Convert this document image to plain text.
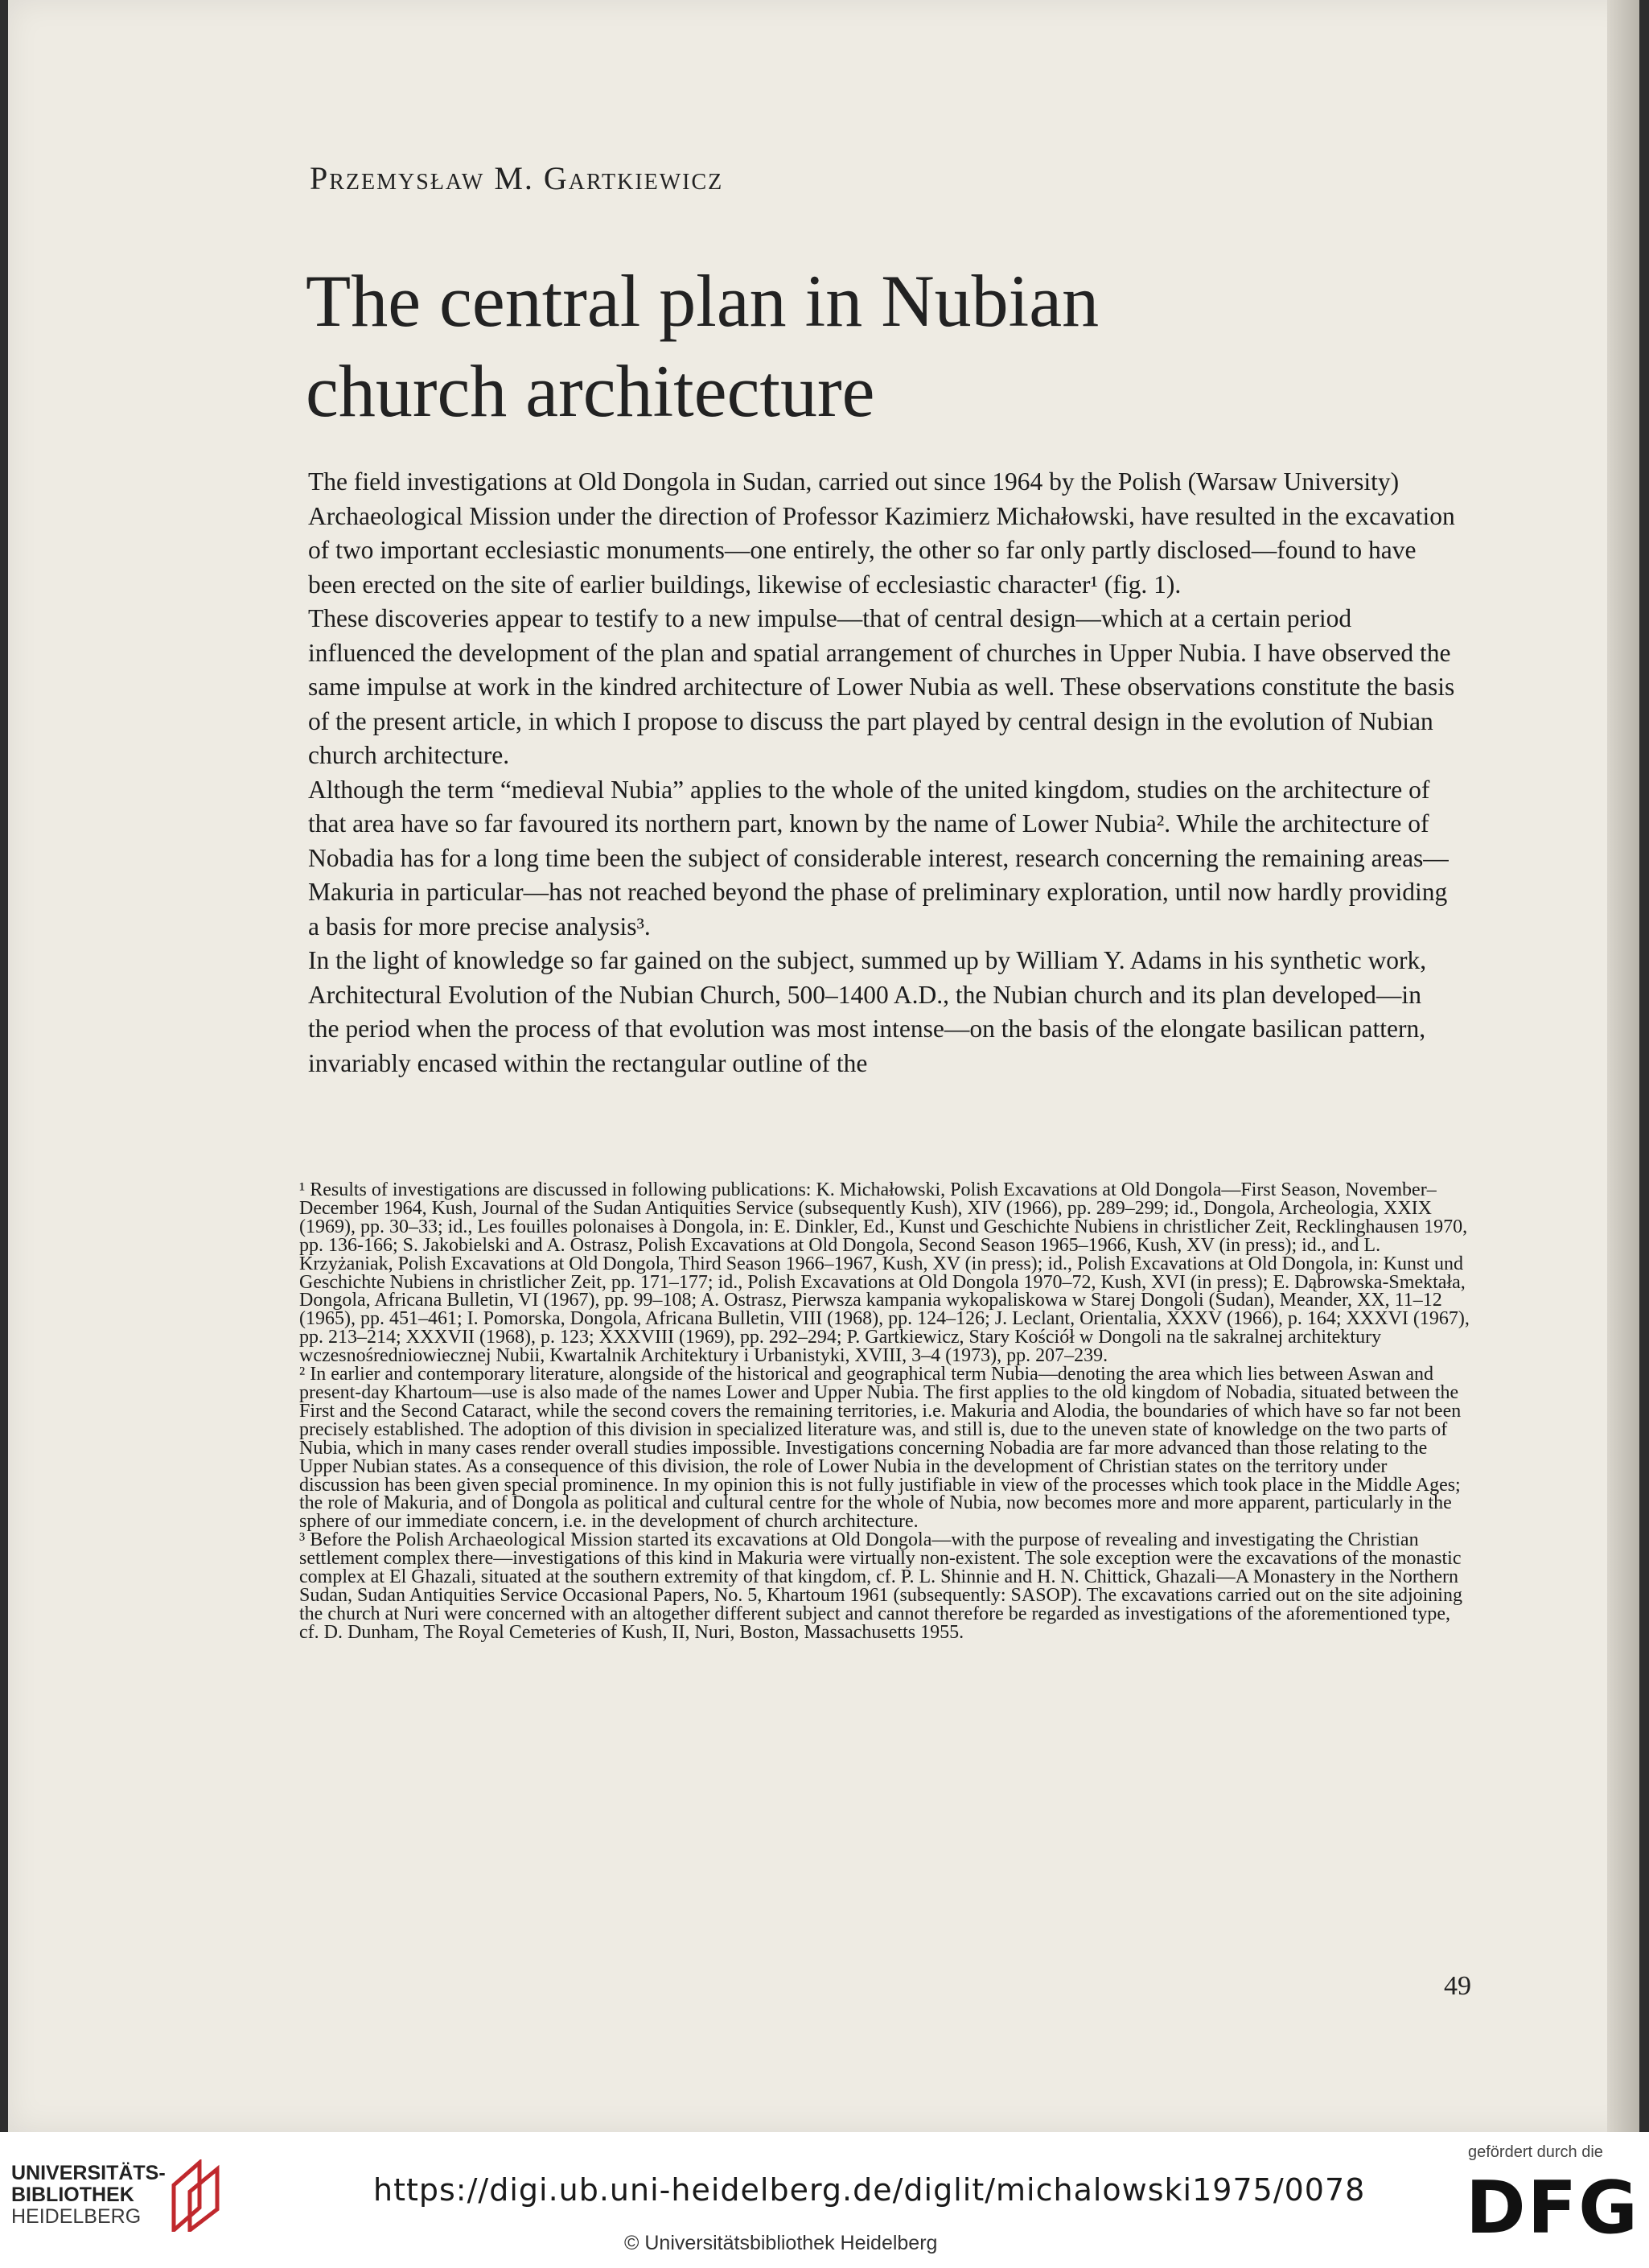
Przemysław M. Gartkiewicz
The central plan in Nubian
church architecture

The field investigations at Old Dongola in Sudan, carried out since 1964 by the Polish (Warsaw University) Archaeological Mission under the direction of Professor Kazimierz Michałowski, have resulted in the excavation of two important ecclesiastic monuments—one entirely, the other so far only partly disclosed—found to have been erected on the site of earlier buildings, likewise of ecclesiastic character¹ (fig. 1).

These discoveries appear to testify to a new impulse—that of central design—which at a certain period influenced the development of the plan and spatial arrangement of churches in Upper Nubia. I have observed the same impulse at work in the kindred architecture of Lower Nubia as well. These observations constitute the basis of the present article, in which I propose to discuss the part played by central design in the evolution of Nubian church architecture.

Although the term “medieval Nubia” applies to the whole of the united kingdom, studies on the architecture of that area have so far favoured its northern part, known by the name of Lower Nubia². While the architecture of Nobadia has for a long time been the subject of considerable interest, research concerning the remaining areas—Makuria in particular—has not reached beyond the phase of preliminary exploration, until now hardly providing a basis for more precise analysis³.

In the light of knowledge so far gained on the subject, summed up by William Y. Adams in his synthetic work, Architectural Evolution of the Nubian Church, 500–1400 A.D., the Nubian church and its plan developed—in the period when the process of that evolution was most intense—on the basis of the elongate basilican pattern, invariably encased within the rectangular outline of the

¹ Results of investigations are discussed in following publications: K. Michałowski, Polish Excavations at Old Dongola—First Season, November–December 1964, Kush, Journal of the Sudan Antiquities Service (subsequently Kush), XIV (1966), pp. 289–299; id., Dongola, Archeologia, XXIX (1969), pp. 30–33; id., Les fouilles polonaises à Dongola, in: E. Dinkler, Ed., Kunst und Geschichte Nubiens in christlicher Zeit, Recklinghausen 1970, pp. 136-166; S. Jakobielski and A. Ostrasz, Polish Excavations at Old Dongola, Second Season 1965–1966, Kush, XV (in press); id., and L. Krzyżaniak, Polish Excavations at Old Dongola, Third Season 1966–1967, Kush, XV (in press); id., Polish Excavations at Old Dongola, in: Kunst und Geschichte Nubiens in christlicher Zeit, pp. 171–177; id., Polish Excavations at Old Dongola 1970–72, Kush, XVI (in press); E. Dąbrowska-Smektała, Dongola, Africana Bulletin, VI (1967), pp. 99–108; A. Ostrasz, Pierwsza kampania wykopaliskowa w Starej Dongoli (Sudan), Meander, XX, 11–12 (1965), pp. 451–461; I. Pomorska, Dongola, Africana Bulletin, VIII (1968), pp. 124–126; J. Leclant, Orientalia, XXXV (1966), p. 164; XXXVI (1967), pp. 213–214; XXXVII (1968), p. 123; XXXVIII (1969), pp. 292–294; P. Gartkiewicz, Stary Kościół w Dongoli na tle sakralnej architektury wczesnośredniowiecznej Nubii, Kwartalnik Architektury i Urbanistyki, XVIII, 3–4 (1973), pp. 207–239.

² In earlier and contemporary literature, alongside of the historical and geographical term Nubia—denoting the area which lies between Aswan and present-day Khartoum—use is also made of the names Lower and Upper Nubia. The first applies to the old kingdom of Nobadia, situated between the First and the Second Cataract, while the second covers the remaining territories, i.e. Makuria and Alodia, the boundaries of which have so far not been precisely established. The adoption of this division in specialized literature was, and still is, due to the uneven state of knowledge on the two parts of Nubia, which in many cases render overall studies impossible. Investigations concerning Nobadia are far more advanced than those relating to the Upper Nubian states. As a consequence of this division, the role of Lower Nubia in the development of Christian states on the territory under discussion has been given special prominence. In my opinion this is not fully justifiable in view of the processes which took place in the Middle Ages; the role of Makuria, and of Dongola as political and cultural centre for the whole of Nubia, now becomes more and more apparent, particularly in the sphere of our immediate concern, i.e. in the development of church architecture.

³ Before the Polish Archaeological Mission started its excavations at Old Dongola—with the purpose of revealing and investigating the Christian settlement complex there—investigations of this kind in Makuria were virtually non-existent. The sole exception were the excavations of the monastic complex at El Ghazali, situated at the southern extremity of that kingdom, cf. P. L. Shinnie and H. N. Chittick, Ghazali—A Monastery in the Northern Sudan, Sudan Antiquities Service Occasional Papers, No. 5, Khartoum 1961 (subsequently: SASOP). The excavations carried out on the site adjoining the church at Nuri were concerned with an altogether different subject and cannot therefore be regarded as investigations of the aforementioned type, cf. D. Dunham, The Royal Cemeteries of Kush, II, Nuri, Boston, Massachusetts 1955.

49
UNIVERSITÄTS-
BIBLIOTHEK
HEIDELBERG
https://digi.ub.uni-heidelberg.de/diglit/michalowski1975/0078
© Universitätsbibliothek Heidelberg
gefördert durch die
DFG
